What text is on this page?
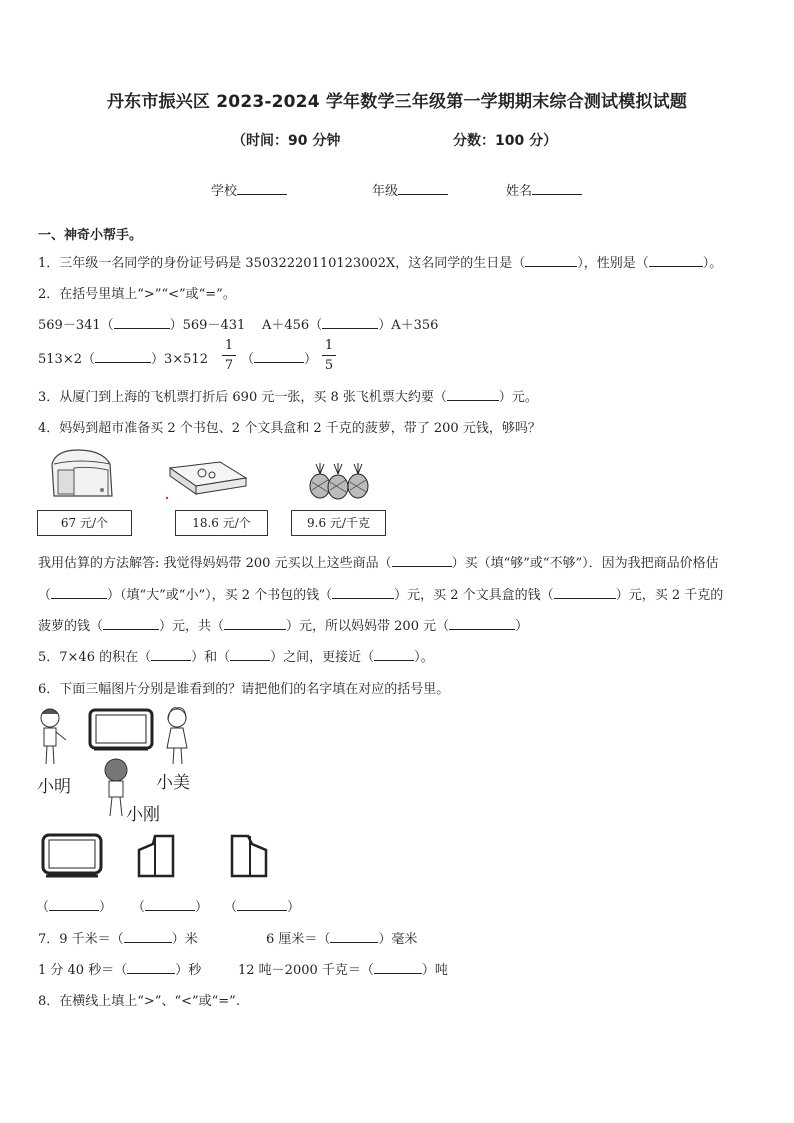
丹东市振兴区 2023-2024 学年数学三年级第一学期期末综合测试模拟试题
（时间：90 分钟	分数：100 分）
学校	年级	姓名
一、神奇小帮手。
1．三年级一名同学的身份证号码是 35032220110123002X，这名同学的生日是（	），性别是（	）。
2．在括号里填上“>”“<”或“=”。
569－341（	）569－431 A＋456（	）A＋356
513×2（	）3×512
1
7 （	）
1
5
3．从厦门到上海的飞机票打折后 690 元一张，买 8 张飞机票大约要（	）元。
4．妈妈到超市准备买 2 个书包、2 个文具盒和 2 千克的菠萝，带了 200 元钱，够吗？
67 元/个	18.6 元/个	9.6 元/千克
我用估算的方法解答: 我觉得妈妈带 200 元买以上这些商品（	）买（填“够”或“不够”）．因为我把商品价格估
（	）（填“大”或“小”），买 2 个书包的钱（	）元，买 2 个文具盒的钱（	）元，买 2 千克的
菠萝的钱（	）元，共（	）元，所以妈妈带 200 元（	）
5．7×46 的积在（	）和（	）之间，更接近（	）。
6．下面三幅图片分别是谁看到的？请把他们的名字填在对应的括号里。
小明	小美
小刚
（	） （	） （	）
7．9 千米＝（	）米	6 厘米＝（	）毫米
1 分 40 秒＝（	）秒	12 吨－2000 千克＝（	）吨
8．在横线上填上“>”、“<”或“=”.
